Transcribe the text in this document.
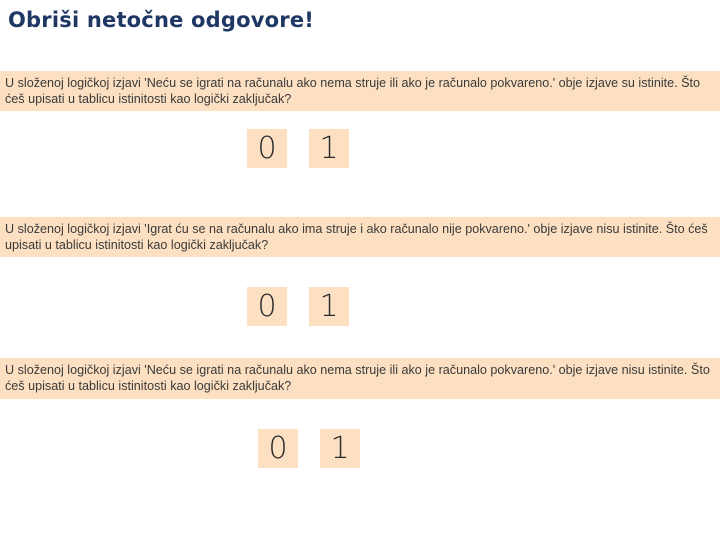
Obriši netočne odgovore!
U složenoj logičkoj izjavi 'Neću se igrati na računalu ako nema struje ili ako je računalo pokvareno.' obje izjave su istinite. Što ćeš upisati u tablicu istinitosti kao logički zaključak?
0	1
U složenoj logičkoj izjavi 'Igrat ću se na računalu ako ima struje i ako računalo nije pokvareno.' obje izjave nisu istinite. Što ćeš upisati u tablicu istinitosti kao logički zaključak?
0	1
U složenoj logičkoj izjavi 'Neću se igrati na računalu ako nema struje ili ako je računalo pokvareno.' obje izjave nisu istinite. Što ćeš upisati u tablicu istinitosti kao logički zaključak?
0	1
